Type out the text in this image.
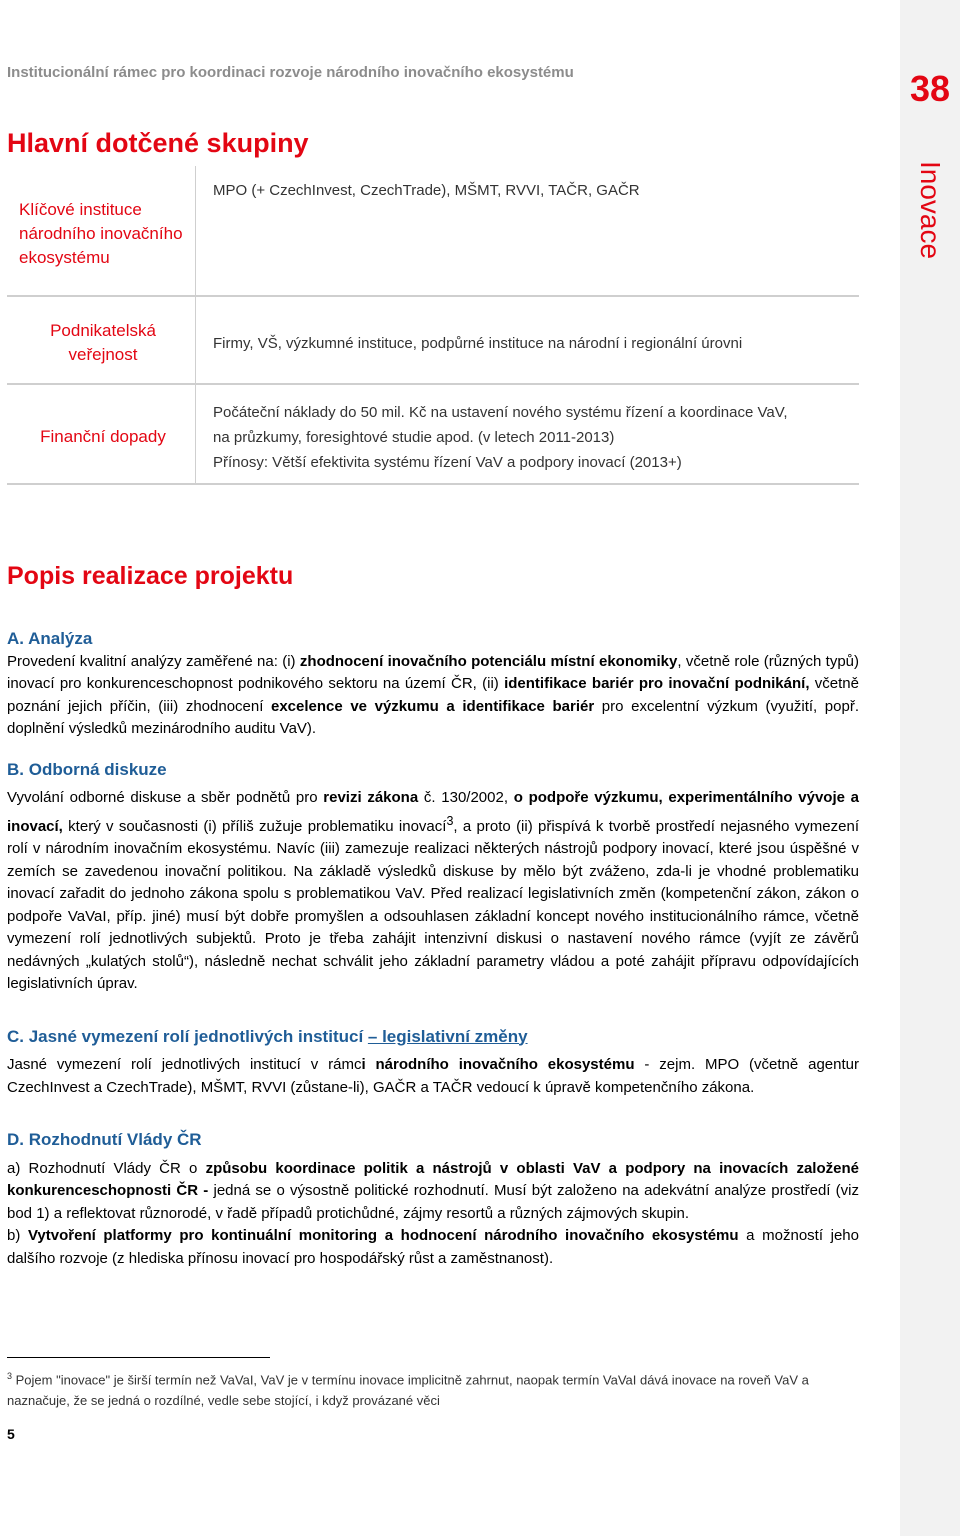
38
Inovace
Institucionální rámec pro koordinaci rozvoje národního inovačního ekosystému
Hlavní dotčené skupiny
Klíčové instituce národního inovačního ekosystému
MPO (+ CzechInvest, CzechTrade), MŠMT, RVVI, TAČR, GAČR
Podnikatelská veřejnost
Firmy, VŠ, výzkumné instituce, podpůrné instituce na národní i regionální úrovni
Finanční dopady
Počáteční náklady do 50 mil. Kč na ustavení nového systému řízení a koordinace VaV,
na průzkumy, foresightové studie apod. (v letech 2011-2013)
Přínosy: Větší efektivita systému řízení VaV a podpory inovací (2013+)
Popis realizace projektu
A. Analýza

Provedení kvalitní analýzy zaměřené na: (i) zhodnocení inovačního potenciálu místní ekonomiky, včetně role (různých typů) inovací pro konkurenceschopnost podnikového sektoru na území ČR, (ii) identifikace bariér pro inovační podnikání, včetně poznání jejich příčin, (iii) zhodnocení excelence ve výzkumu a identifikace bariér pro excelentní výzkum (využití, popř. doplnění výsledků mezinárodního auditu VaV).

B. Odborná diskuze

Vyvolání odborné diskuse a sběr podnětů pro revizi zákona č. 130/2002, o podpoře výzkumu, experimentálního vývoje a inovací, který v současnosti (i) příliš zužuje problematiku inovací$^3$, a proto (ii) přispívá k tvorbě prostředí nejasného vymezení rolí v národním inovačním ekosystému. Navíc (iii) zamezuje realizaci některých nástrojů podpory inovací, které jsou úspěšné v zemích se zavedenou inovační politikou. Na základě výsledků diskuse by mělo být zváženo, zda-li je vhodné problematiku inovací zařadit do jednoho zákona spolu s problematikou VaV. Před realizací legislativních změn (kompetenční zákon, zákon o podpoře VaVaI, příp. jiné) musí být dobře promyšlen a odsouhlasen základní koncept nového institucionálního rámce, včetně vymezení rolí jednotlivých subjektů. Proto je třeba zahájit intenzivní diskusi o nastavení nového rámce (vyjít ze závěrů nedávných „kulatých stolů“), následně nechat schválit jeho základní parametry vládou a poté zahájit přípravu odpovídajících legislativních úprav.

C. Jasné vymezení rolí jednotlivých institucí – legislativní změny

Jasné vymezení rolí jednotlivých institucí v rámci národního inovačního ekosystému - zejm. MPO (včetně agentur CzechInvest a CzechTrade), MŠMT, RVVI (zůstane-li), GAČR a TAČR vedoucí k úpravě kompetenčního zákona.

D. Rozhodnutí Vlády ČR

a) Rozhodnutí Vlády ČR o způsobu koordinace politik a nástrojů v oblasti VaV a podpory na inovacích založené konkurenceschopnosti ČR - jedná se o výsostně politické rozhodnutí. Musí být založeno na adekvátní analýze prostředí (viz bod 1) a reflektovat různorodé, v řadě případů protichůdné, zájmy resortů a různých zájmových skupin.

b) Vytvoření platformy pro kontinuální monitoring a hodnocení národního inovačního ekosystému a možností jeho dalšího rozvoje (z hlediska přínosu inovací pro hospodářský růst a zaměstnanost).

$^3$ Pojem "inovace" je širší termín než VaVaI, VaV je v termínu inovace implicitně zahrnut, naopak termín VaVaI dává inovace na roveň VaV a naznačuje, že se jedná o rozdílné, vedle sebe stojící, i když provázané věci
5
